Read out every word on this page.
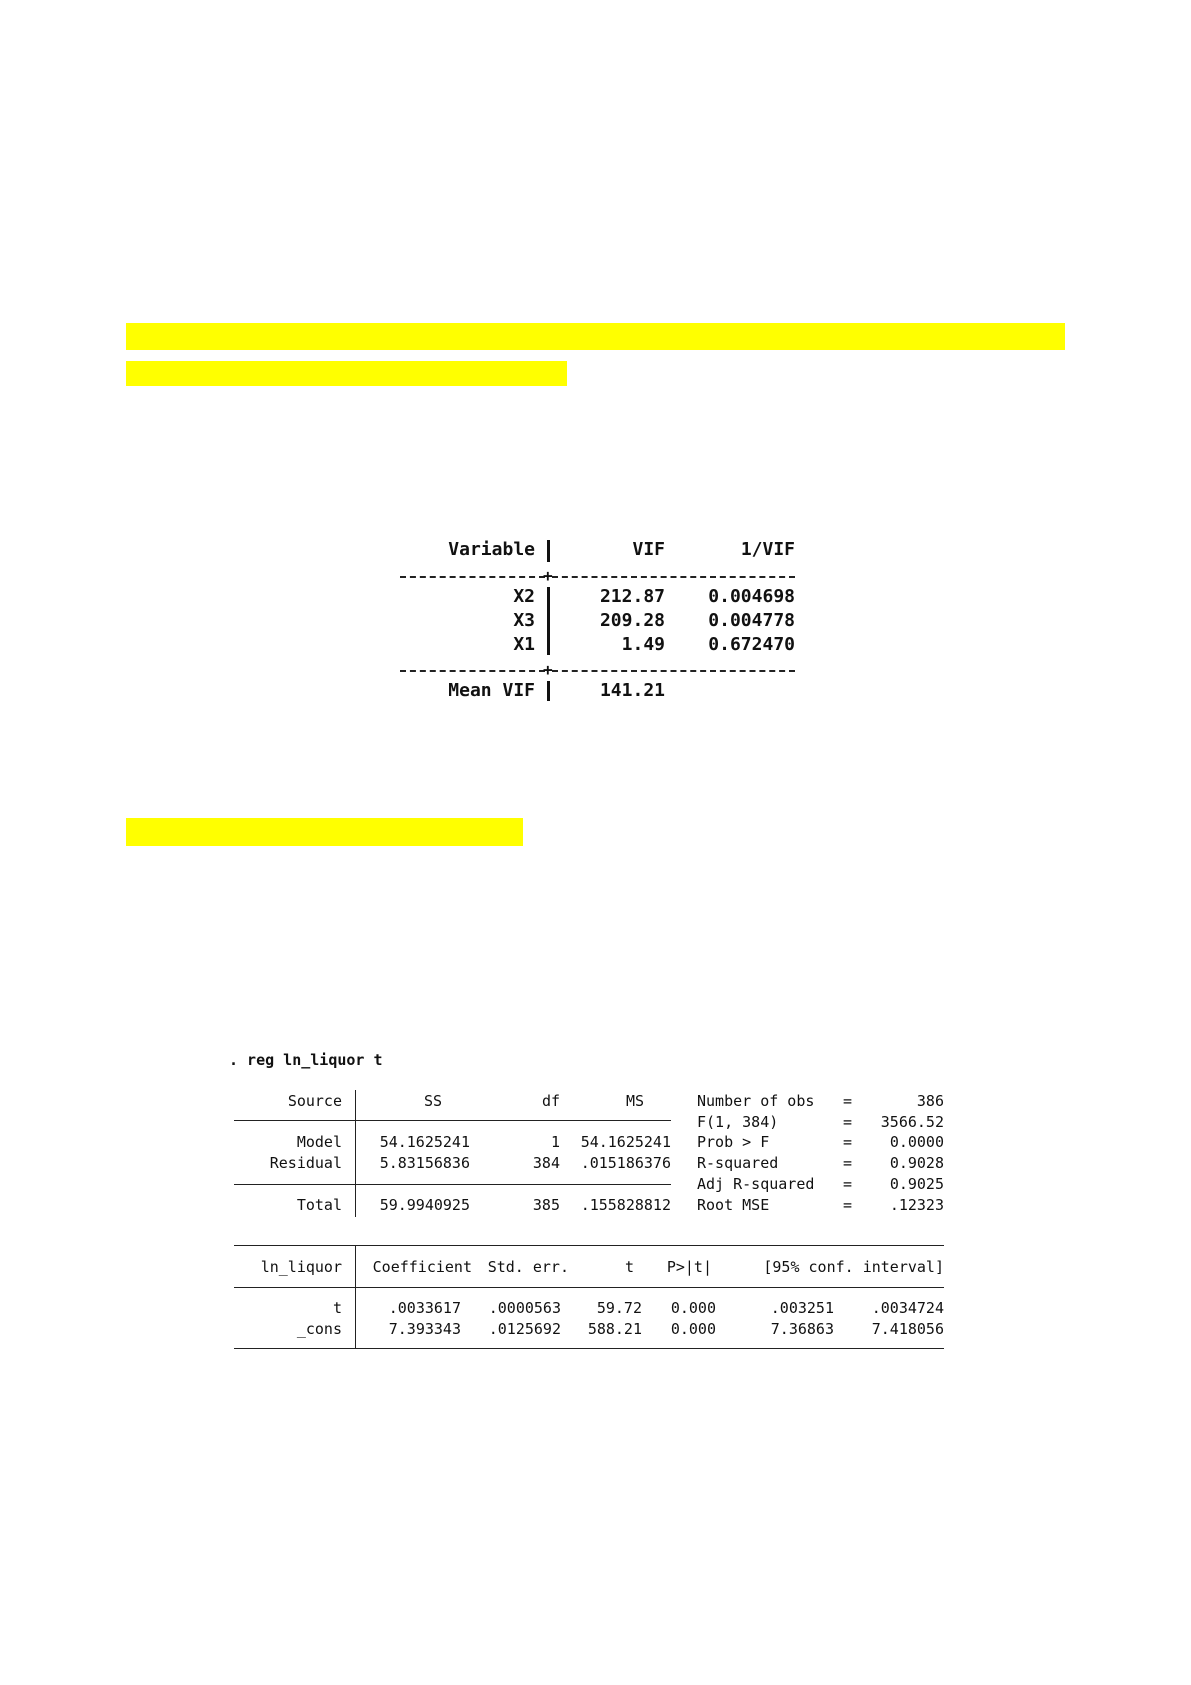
Variable	VIF	1/VIF
+
X2	212.87	0.004698
X3	209.28	0.004778
X1	1.49	0.672470
+
Mean VIF	141.21
. reg ln_liquor t
Source	SS	df	MS
Model	54.1625241	1	54.1625241
Residual	5.83156836	384	.015186376
Total	59.9940925	385	.155828812
Number of obs =	386
F(1, 384)	=	3566.52
Prob > F	=	0.0000
R-squared	=	0.9028
Adj R-squared =	0.9025
Root MSE	=	.12323
ln_liquor	Coefficient	Std. err.	t	P>|t|	[95% conf. interval]
t	.0033617	.0000563	59.72	0.000	.003251	.0034724
_cons	7.393343	.0125692	588.21	0.000	7.36863	7.418056
